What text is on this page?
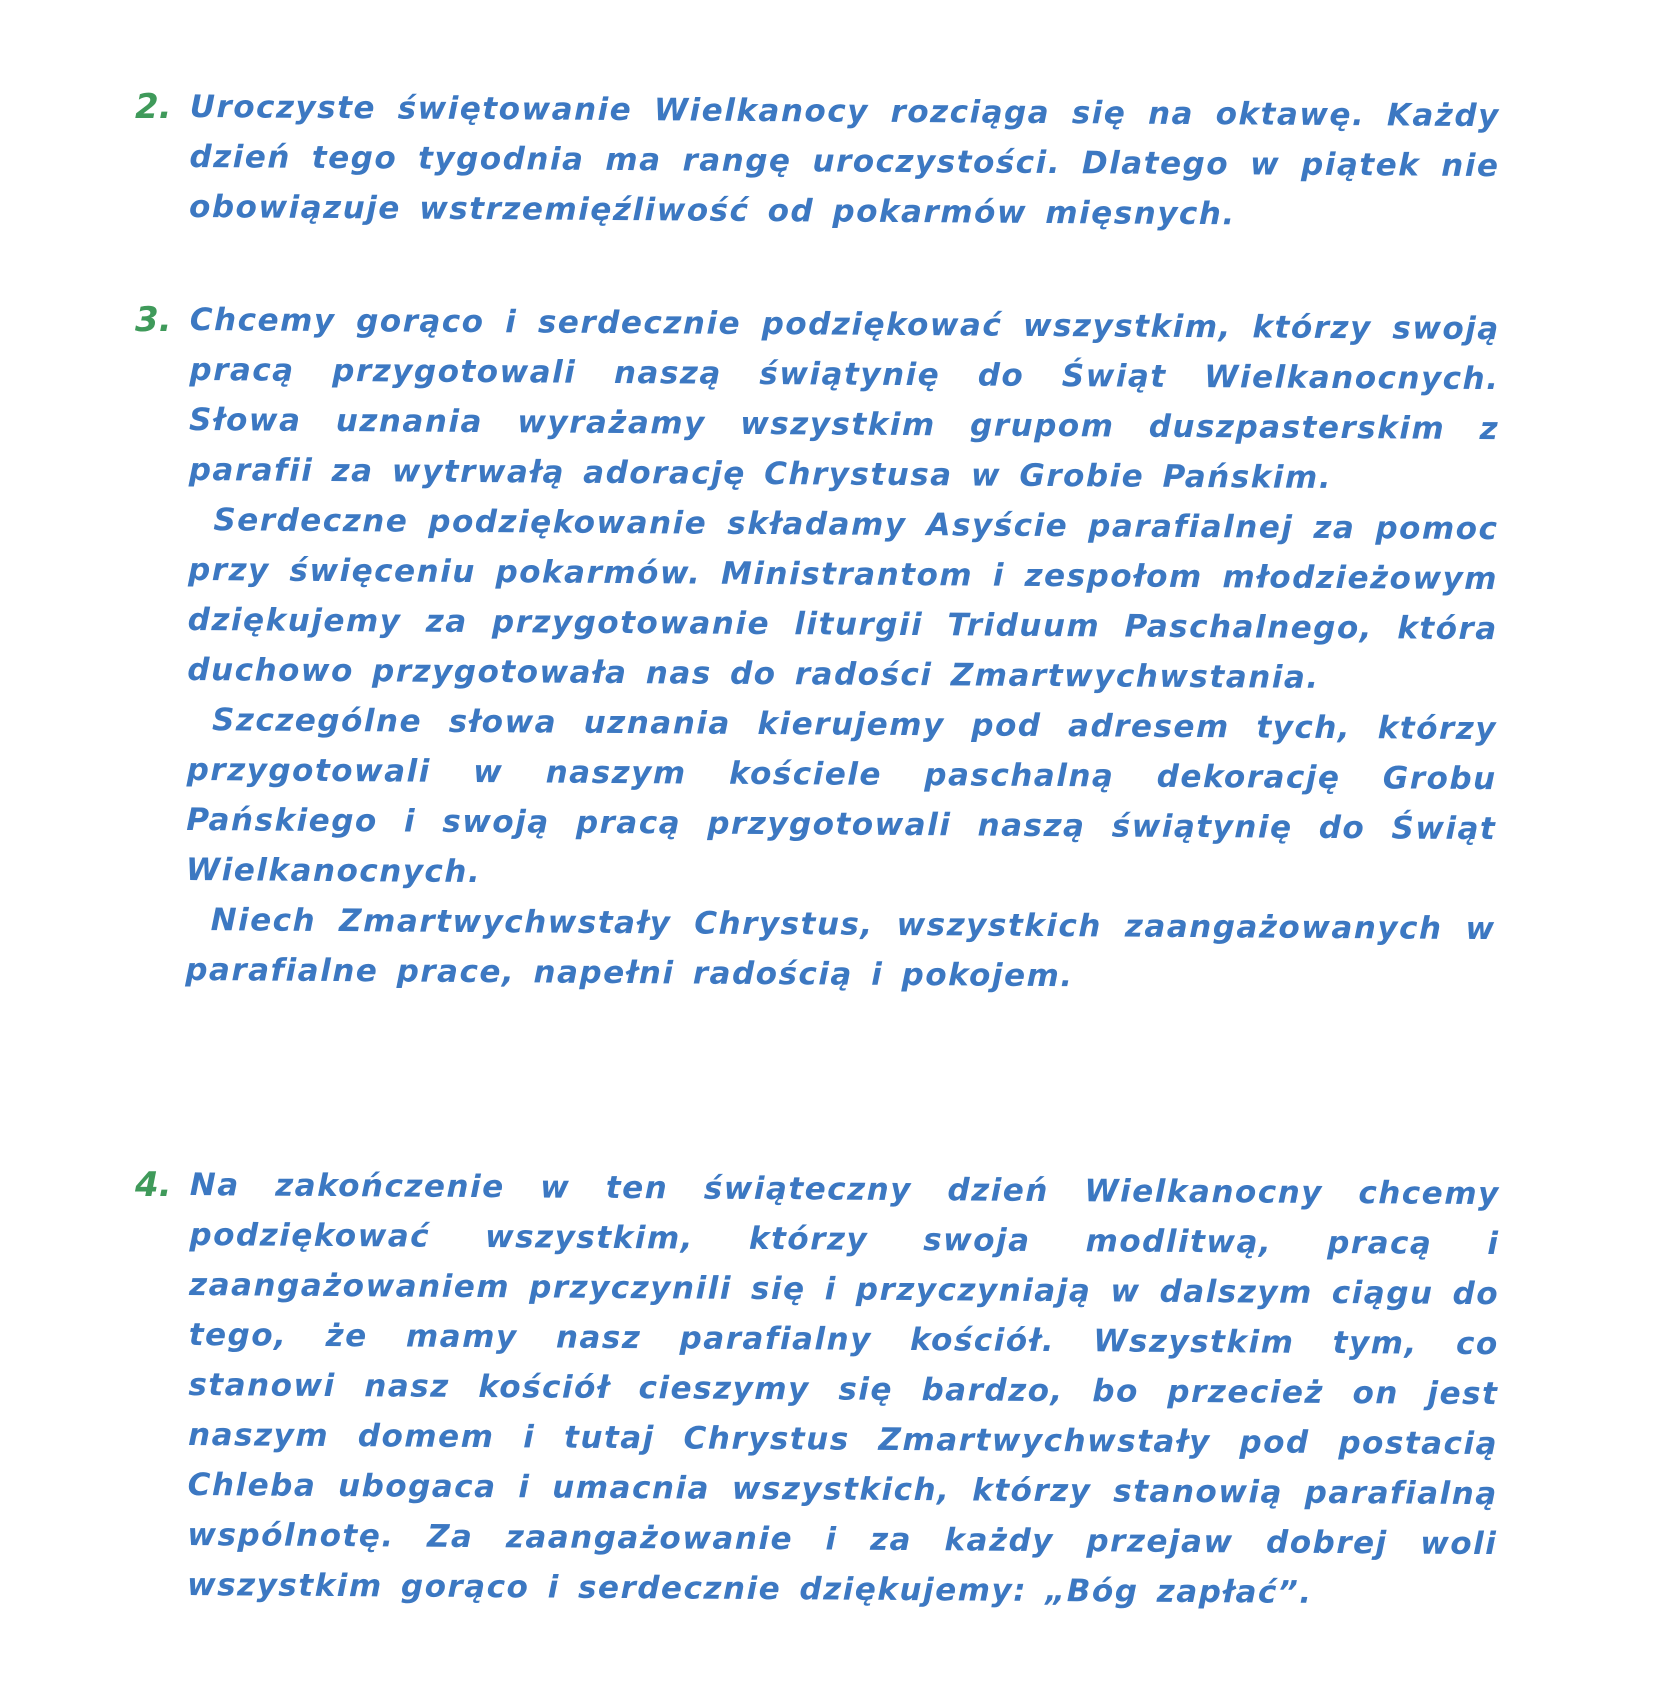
2. Uroczyste świętowanie Wielkanocy rozciąga się na oktawę. Każdy dzień tego tygodnia ma rangę uroczystości. Dlatego w piątek nie obowiązuje wstrzemięźliwość od pokarmów mięsnych.

3. Chcemy gorąco i serdecznie podziękować wszystkim, którzy swoją pracą przygotowali naszą świątynię do Świąt Wielkanocnych. Słowa uznania wyrażamy wszystkim grupom duszpasterskim z parafii za wytrwałą adorację Chrystusa w Grobie Pańskim.

Serdeczne podziękowanie składamy Asyście parafialnej za pomoc przy święceniu pokarmów. Ministrantom i zespołom młodzieżowym dziękujemy za przygotowanie liturgii Triduum Paschalnego, która duchowo przygotowała nas do radości Zmartwychwstania.

Szczególne słowa uznania kierujemy pod adresem tych, którzy przygotowali w naszym kościele paschalną dekorację Grobu Pańskiego i swoją pracą przygotowali naszą świątynię do Świąt Wielkanocnych.

Niech Zmartwychwstały Chrystus, wszystkich zaangażowanych w parafialne prace, napełni radością i pokojem.

4. Na zakończenie w ten świąteczny dzień Wielkanocny chcemy podziękować wszystkim, którzy swoja modlitwą, pracą i zaangażowaniem przyczynili się i przyczyniają w dalszym ciągu do tego, że mamy nasz parafialny kościół. Wszystkim tym, co stanowi nasz kościół cieszymy się bardzo, bo przecież on jest naszym domem i tutaj Chrystus Zmartwychwstały pod postacią Chleba ubogaca i umacnia wszystkich, którzy stanowią parafialną wspólnotę. Za zaangażowanie i za każdy przejaw dobrej woli wszystkim gorąco i serdecznie dziękujemy: „Bóg zapłać”.
